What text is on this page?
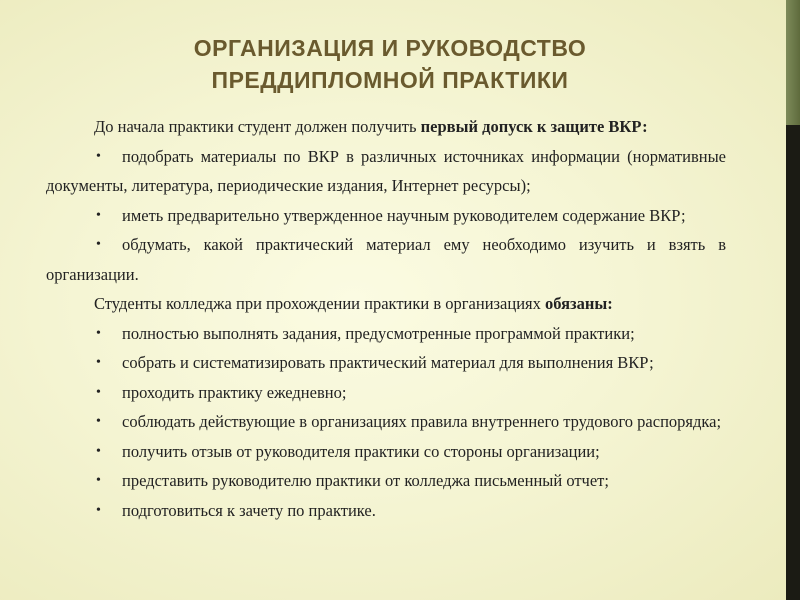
ОРГАНИЗАЦИЯ И РУКОВОДСТВО
ПРЕДДИПЛОМНОЙ ПРАКТИКИ

До начала практики студент должен получить первый допуск к защите ВКР:

•	подобрать материалы по ВКР в различных источниках информации (нормативные
документы, литература, периодические издания, Интернет ресурсы);
• иметь предварительно утвержденное научным руководителем содержание ВКР;
•	обдумать, какой практический материал ему необходимо изучить и взять в
организации.

Студенты колледжа при прохождении практики в организациях обязаны:

• полностью выполнять задания, предусмотренные программой практики;
• собрать и систематизировать практический материал для выполнения ВКР;
• проходить практику ежедневно;
• соблюдать действующие в организациях правила внутреннего трудового распорядка;
• получить отзыв от руководителя практики со стороны организации;
• представить руководителю практики от колледжа письменный отчет;
• подготовиться к зачету по практике.
